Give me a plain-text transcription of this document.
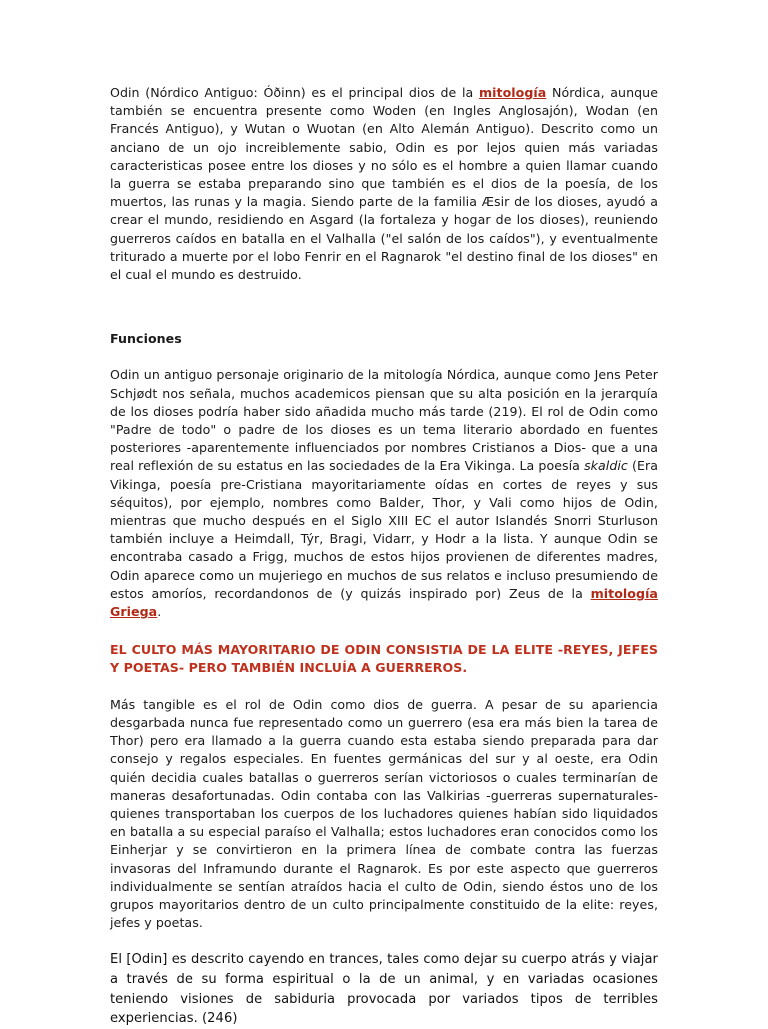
Odin (Nórdico Antiguo: Óðinn) es el principal dios de la mitología Nórdica, aunque también se encuentra presente como Woden (en Ingles Anglosajón), Wodan (en Francés Antiguo), y Wutan o Wuotan (en Alto Alemán Antiguo). Descrito como un anciano de un ojo increiblemente sabio, Odin es por lejos quien más variadas caracteristicas posee entre los dioses y no sólo es el hombre a quien llamar cuando la guerra se estaba preparando sino que también es el dios de la poesía, de los muertos, las runas y la magia. Siendo parte de la familia Æsir de los dioses, ayudó a crear el mundo, residiendo en Asgard (la fortaleza y hogar de los dioses), reuniendo guerreros caídos en batalla en el Valhalla ("el salón de los caídos"), y eventualmente triturado a muerte por el lobo Fenrir en el Ragnarok "el destino final de los dioses" en el cual el mundo es destruido.

Funciones

Odin un antiguo personaje originario de la mitología Nórdica, aunque como Jens Peter Schjødt nos señala, muchos academicos piensan que su alta posición en la jerarquía de los dioses podría haber sido añadida mucho más tarde (219). El rol de Odin como "Padre de todo" o padre de los dioses es un tema literario abordado en fuentes posteriores -aparentemente influenciados por nombres Cristianos a Dios- que a una real reflexión de su estatus en las sociedades de la Era Vikinga. La poesía skaldic (Era Vikinga, poesía pre-Cristiana mayoritariamente oídas en cortes de reyes y sus séquitos), por ejemplo, nombres como Balder, Thor, y Vali como hijos de Odin, mientras que mucho después en el Siglo XIII EC el autor Islandés Snorri Sturluson también incluye a Heimdall, Týr, Bragi, Vidarr, y Hodr a la lista. Y aunque Odin se encontraba casado a Frigg, muchos de estos hijos provienen de diferentes madres, Odin aparece como un mujeriego en muchos de sus relatos e incluso presumiendo de estos amoríos, recordandonos de (y quizás inspirado por) Zeus de la mitología Griega.

EL CULTO MÁS MAYORITARIO DE ODIN CONSISTIA DE LA ELITE -REYES, JEFES Y POETAS- PERO TAMBIÉN INCLUÍA A GUERREROS.

Más tangible es el rol de Odin como dios de guerra. A pesar de su apariencia desgarbada nunca fue representado como un guerrero (esa era más bien la tarea de Thor) pero era llamado a la guerra cuando esta estaba siendo preparada para dar consejo y regalos especiales. En fuentes germánicas del sur y al oeste, era Odin quién decidia cuales batallas o guerreros serían victoriosos o cuales terminarían de maneras desafortunadas. Odin contaba con las Valkirias -guerreras supernaturales- quienes transportaban los cuerpos de los luchadores quienes habían sido liquidados en batalla a su especial paraíso el Valhalla; estos luchadores eran conocidos como los Einherjar y se convirtieron en la primera línea de combate contra las fuerzas invasoras del Inframundo durante el Ragnarok. Es por este aspecto que guerreros individualmente se sentían atraídos hacia el culto de Odin, siendo éstos uno de los grupos mayoritarios dentro de un culto principalmente constituido de la elite: reyes, jefes y poetas.

El [Odin] es descrito cayendo en trances, tales como dejar su cuerpo atrás y viajar a través de su forma espiritual o la de un animal, y en variadas ocasiones teniendo visiones de sabiduria provocada por variados tipos de terribles experiencias. (246)
